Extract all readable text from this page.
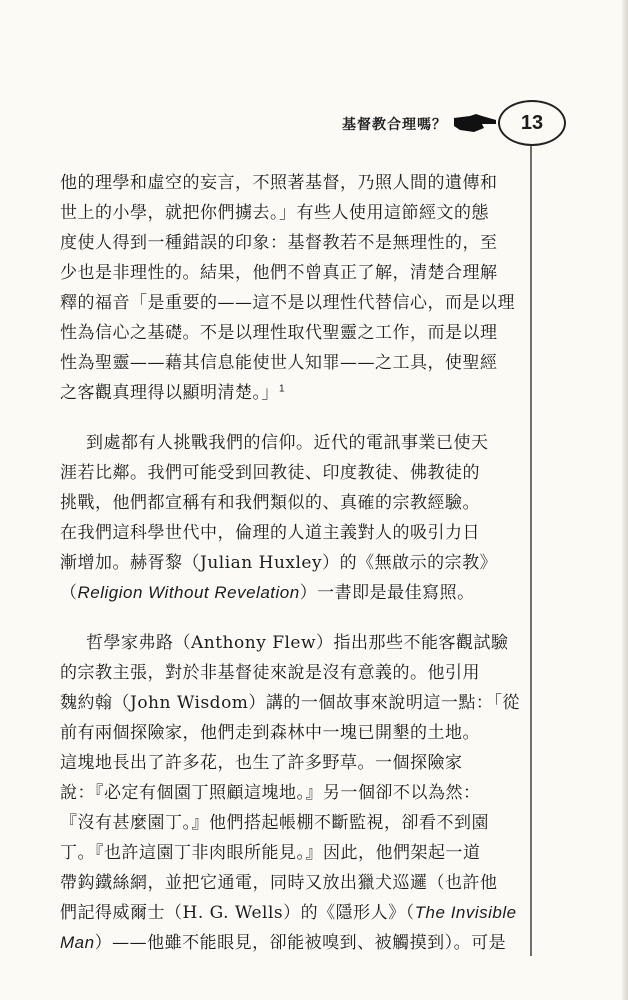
基督教合理嗎？	13

他的理學和虛空的妄言，不照著基督，乃照人間的遺傳和
世上的小學，就把你們擄去。」有些人使用這節經文的態
度使人得到一種錯誤的印象：基督教若不是無理性的，至
少也是非理性的。結果，他們不曾真正了解，清楚合理解
釋的福音「是重要的——這不是以理性代替信心，而是以理
性為信心之基礎。不是以理性取代聖靈之工作，而是以理
性為聖靈——藉其信息能使世人知罪——之工具，使聖經
之客觀真理得以顯明清楚。」$^1$

到處都有人挑戰我們的信仰。近代的電訊事業已使天
涯若比鄰。我們可能受到回教徒、印度教徒、佛教徒的
挑戰，他們都宣稱有和我們類似的、真確的宗教經驗。
在我們這科學世代中，倫理的人道主義對人的吸引力日
漸增加。赫胥黎（Julian Huxley）的《無啟示的宗教》
（Religion Without Revelation）一書即是最佳寫照。

哲學家弗路（Anthony Flew）指出那些不能客觀試驗
的宗教主張，對於非基督徒來說是沒有意義的。他引用
魏約翰（John Wisdom）講的一個故事來說明這一點：「從
前有兩個探險家，他們走到森林中一塊已開墾的土地。
這塊地長出了許多花，也生了許多野草。一個探險家
說：『必定有個園丁照顧這塊地。』另一個卻不以為然：
『沒有甚麼園丁。』他們搭起帳棚不斷監視，卻看不到園
丁。『也許這園丁非肉眼所能見。』因此，他們架起一道
帶鈎鐵絲網，並把它通電，同時又放出獵犬巡邏（也許他
們記得威爾士（H. G. Wells）的《隱形人》（The Invisible
Man）——他雖不能眼見，卻能被嗅到、被觸摸到）。可是
